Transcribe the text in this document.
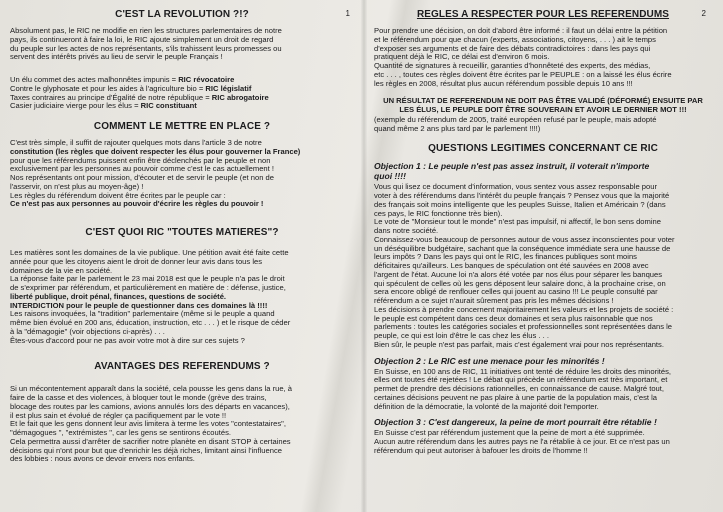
1
C'EST LA REVOLUTION ?!?

Absolument pas, le RIC ne modifie en rien les structures parlementaires de notre
pays, ils continueront à faire la loi, le RIC ajoute simplement un droit de regard
du peuple sur les actes de nos représentants, s'ils trahissent leurs promesses ou
servent des intérêts privés au lieu de servir le peuple Français !

Un élu commet des actes malhonnêtes impunis = RIC révocatoire
Contre le glyphosate et pour les aides à l'agriculture bio = RIC législatif
Taxes contraires au principe d'Égalité de notre république = RIC abrogatoire
Casier judiciaire vierge pour les élus = RIC constituant

COMMENT LE METTRE EN PLACE ?

C'est très simple, il suffit de rajouter quelques mots dans l'article 3 de notre
constitution (les règles que doivent respecter les élus pour gouverner la France)
pour que les référendums puissent enfin être déclenchés par le peuple et non
exclusivement par les personnes au pouvoir comme c'est le cas actuellement !
Nos représentants ont pour mission, d'écouter et de servir le peuple (et non de
l'asservir, on n'est plus au moyen-âge) !
Les règles du référendum doivent être écrites par le peuple car :
Ce n'est pas aux personnes au pouvoir d'écrire les règles du pouvoir !

C'EST QUOI RIC "TOUTES MATIERES"?

Les matières sont les domaines de la vie publique. Une pétition avait été faite cette
année pour que les citoyens aient le droit de donner leur avis dans tous les
domaines de la vie en société.
La réponse faite par le parlement le 23 mai 2018 est que le peuple n'a pas le droit
de s'exprimer par référendum, et particulièrement en matière de : défense, justice,
liberté publique, droit pénal, finances, questions de société.
INTERDICTION pour le peuple de questionner dans ces domaines là !!!!
Les raisons invoquées, la "tradition" parlementaire (même si le peuple a quand
même bien évolué en 200 ans, éducation, instruction, etc . . . ) et le risque de céder
à la "démagogie" (voir objections ci-après) . . .
Êtes-vous d'accord pour ne pas avoir votre mot à dire sur ces sujets ?

AVANTAGES DES REFERENDUMS ?

Si un mécontentement apparaît dans la société, cela pousse les gens dans la rue, à
faire de la casse et des violences, à bloquer tout le monde (grève des trains,
blocage des routes par les camions, avions annulés lors des départs en vacances),
il est plus sain et évolué de régler ça pacifiquement par le vote !!
Et le fait que les gens donnent leur avis limitera à terme les votes "contestataires",
"démagogues ", "extrémistes ", car les gens se sentirons écoutés.
Cela permettra aussi d'arrêter de sacrifier notre planète en disant STOP à certaines
décisions qui n'ont pour but que d'enrichir les déjà riches, limitant ainsi l'influence
des lobbies : nous avons ce devoir envers nos enfants.

2
REGLES A RESPECTER POUR LES REFERENDUMS

Pour prendre une décision, on doit d'abord être informé : il faut un délai entre la pétition
et le référendum pour que chacun (experts, associations, citoyens, . . . ) ait le temps
d'exposer ses arguments et de faire des débats contradictoires : dans les pays qui
pratiquent déjà le RIC, ce délai est d'environ 6 mois.
Quantité de signatures à recueillir, garanties d'honnêteté des experts, des médias,
etc . . . , toutes ces règles doivent être écrites par le PEUPLE : on a laissé les élus écrire
les règles en 2008, résultat plus aucun référendum possible depuis 10 ans !!!

UN RÉSULTAT DE REFERENDUM NE DOIT PAS ÊTRE VALIDÉ (DÉFORMÉ) ENSUITE PAR
LES ÉLUS, LE PEUPLE DOIT ÊTRE SOUVERAIN ET AVOIR LE DERNIER MOT !!!

(exemple du référendum de 2005, traité européen refusé par le peuple, mais adopté
quand même 2 ans plus tard par le parlement !!!!)

QUESTIONS LEGITIMES CONCERNANT CE RIC
Objection 1 : Le peuple n'est pas assez instruit, il voterait n'importe
quoi !!!!

Vous qui lisez ce document d'information, vous sentez vous assez responsable pour
voter à des référendums dans l'intérêt du peuple français ? Pensez vous que la majorité
des français soit moins intelligente que les peuples Suisse, Italien et Américain ? (dans
ces pays, le RIC fonctionne très bien).
Le vote de "Monsieur tout le monde" n'est pas impulsif, ni affectif, le bon sens domine
dans notre société.
Connaissez-vous beaucoup de personnes autour de vous assez inconscientes pour voter
un déséquilibre budgétaire, sachant que la conséquence immédiate sera une hausse de
leurs impôts ? Dans les pays qui ont le RIC, les finances publiques sont moins
déficitaires qu'ailleurs. Les banques de spéculation ont été sauvées en 2008 avec
l'argent de l'état. Aucune loi n'a alors été votée par nos élus pour séparer les banques
qui spéculent de celles où les gens déposent leur salaire donc, à la prochaine crise, on
sera encore obligé de renflouer celles qui jouent au casino !!! Le peuple consulté par
référendum a ce sujet n'aurait sûrement pas pris les mêmes décisions !
Les décisions à prendre concernent majoritairement les valeurs et les projets de société :
le peuple est compétent dans ces deux domaines et sera plus raisonnable que nos
parlements : toutes les catégories sociales et professionnelles sont représentées dans le
peuple, ce qui est loin d'être le cas chez les élus . . .
Bien sûr, le peuple n'est pas parfait, mais c'est également vrai pour nos représentants.

Objection 2 : Le RIC est une menace pour les minorités !

En Suisse, en 100 ans de RIC, 11 initiatives ont tenté de réduire les droits des minorités,
elles ont toutes été rejetées ! Le débat qui précède un référendum est très important, et
permet de prendre des décisions rationnelles, en connaissance de cause. Malgré tout,
certaines décisions peuvent ne pas plaire à une partie de la population mais, c'est la
définition de la démocratie, la volonté de la majorité doit l'emporter.

Objection 3 : C'est dangereux, la peine de mort pourrait être rétablie !

En Suisse c'est par référendum justement que la peine de mort a été supprimée.
Aucun autre référendum dans les autres pays ne l'a rétablie à ce jour. Et ce n'est pas un
référendum qui peut autoriser à bafouer les droits de l'homme !!
